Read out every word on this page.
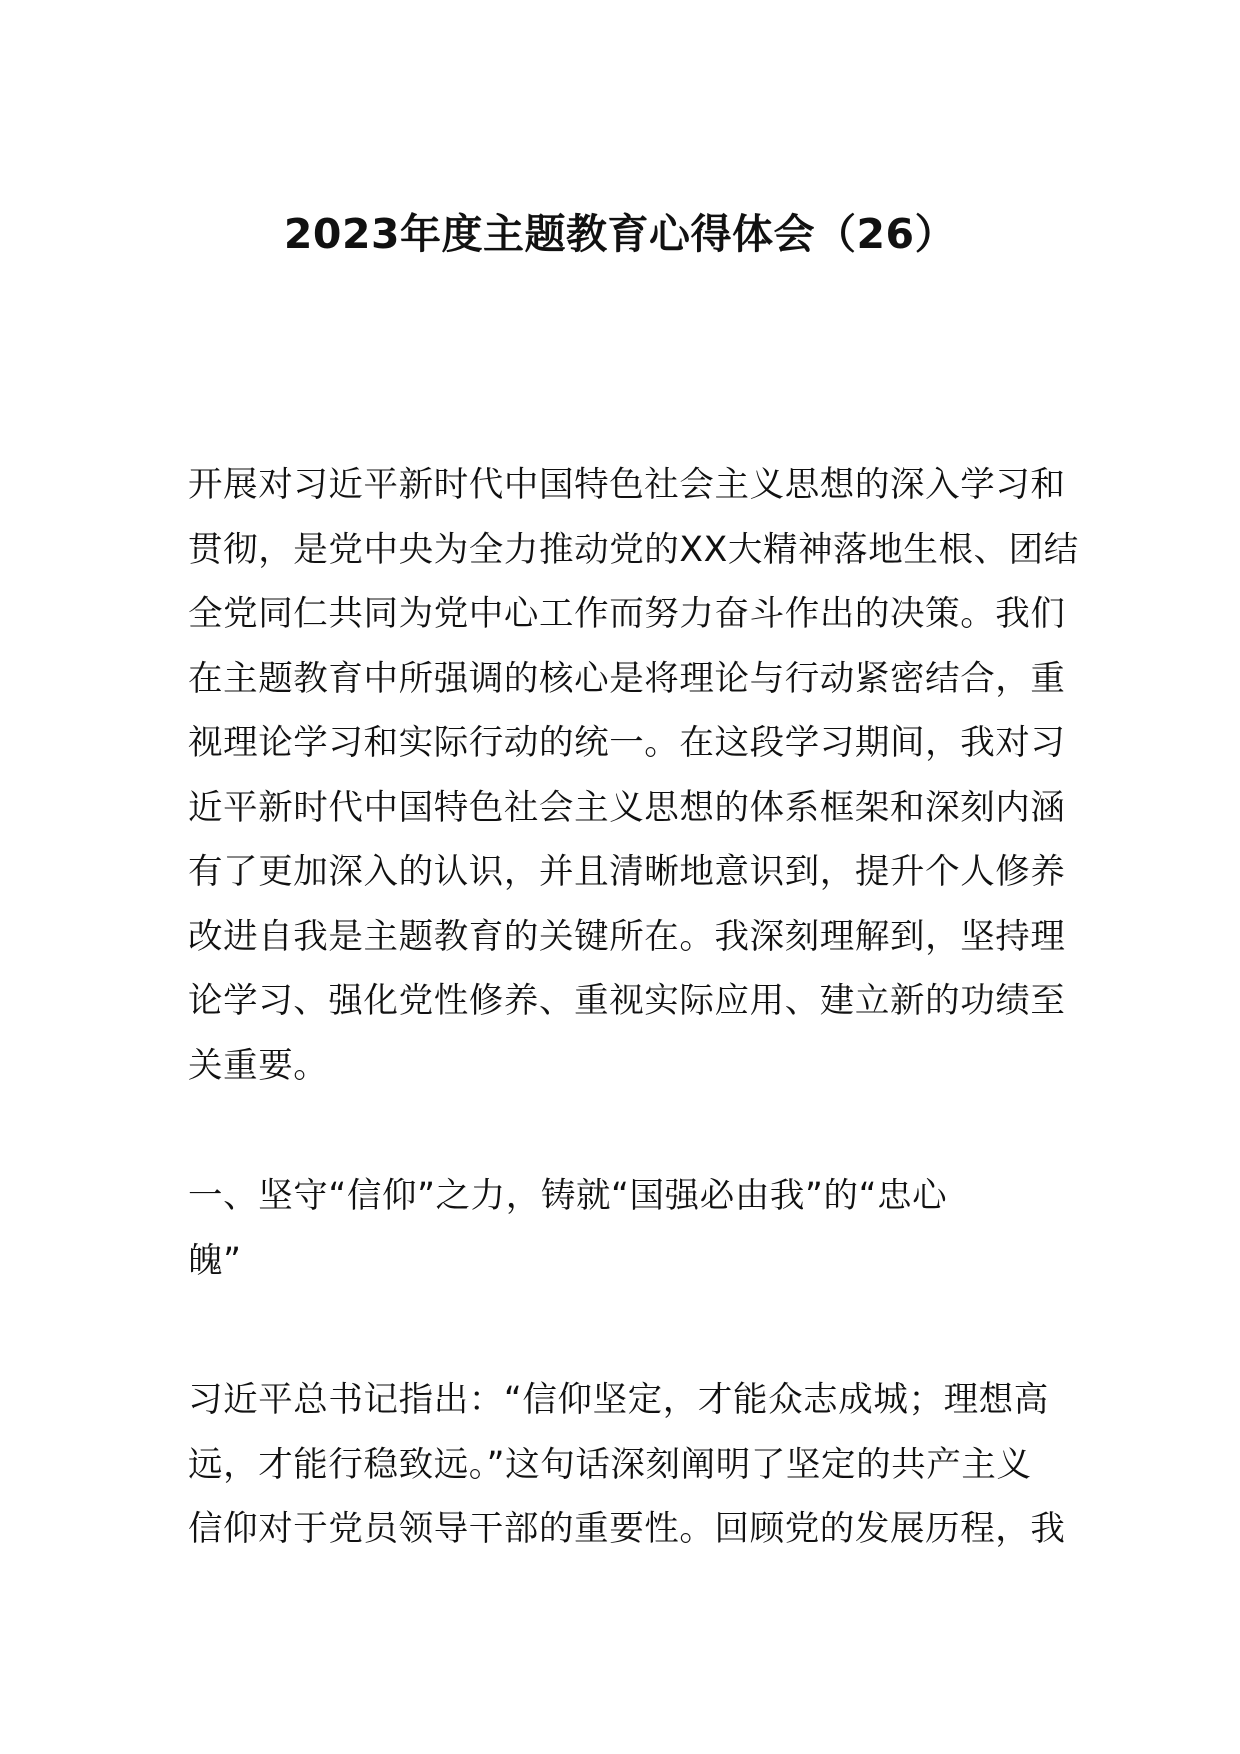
2023年度主题教育心得体会（26）
开展对习近平新时代中国特色社会主义思想的深入学习和
贯彻，是党中央为全力推动党的XX大精神落地生根、团结
全党同仁共同为党中心工作而努力奋斗作出的决策。我们
在主题教育中所强调的核心是将理论与行动紧密结合，重
视理论学习和实际行动的统一。在这段学习期间，我对习
近平新时代中国特色社会主义思想的体系框架和深刻内涵
有了更加深入的认识，并且清晰地意识到，提升个人修养
改进自我是主题教育的关键所在。我深刻理解到，坚持理
论学习、强化党性修养、重视实际应用、建立新的功绩至
关重要。
一、坚守“信仰”之力，铸就“国强必由我”的“忠心
魄”
习近平总书记指出：“信仰坚定，才能众志成城；理想高
远，才能行稳致远。”这句话深刻阐明了坚定的共产主义
信仰对于党员领导干部的重要性。回顾党的发展历程，我
